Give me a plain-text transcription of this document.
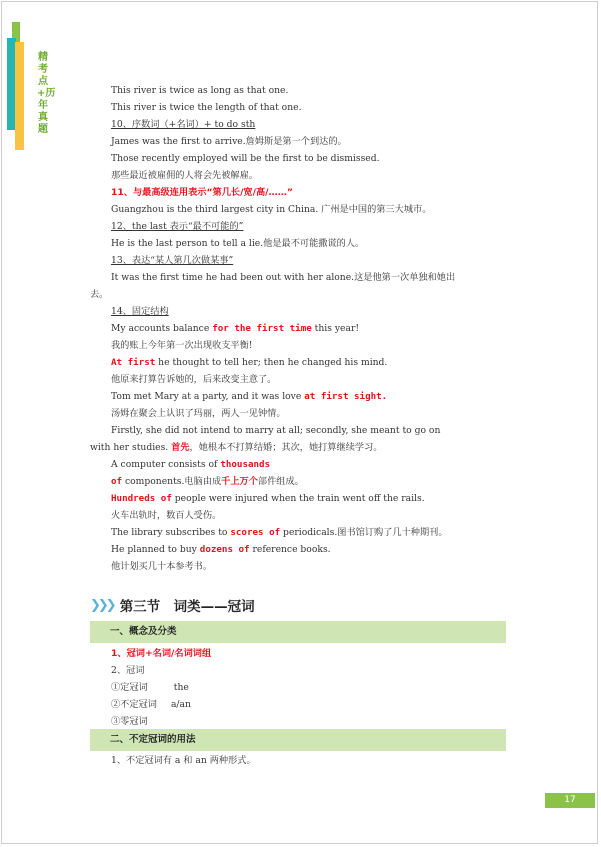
精考点+历年真题
This river is twice as long as that one.
This river is twice the length of that one.
10、序数词（+名词）+ to do sth
James was the first to arrive.詹姆斯是第一个到达的。
Those recently employed will be the first to be dismissed.
那些最近被雇佣的人将会先被解雇。
11、与最高级连用表示“第几长/宽/高/……”
Guangzhou is the third largest city in China. 广州是中国的第三大城市。
12、the last 表示“最不可能的”
He is the last person to tell a lie.他是最不可能撒谎的人。
13、表达“某人第几次做某事”
It was the first time he had been out with her alone.这是他第一次单独和她出
去。
14、固定结构
My accounts balance for the first time this year!
我的账上今年第一次出现收支平衡!
At first he thought to tell her; then he changed his mind.
他原来打算告诉她的，后来改变主意了。
Tom met Mary at a party, and it was love at first sight.
汤姆在聚会上认识了玛丽，两人一见钟情。
Firstly, she did not intend to marry at all; secondly, she meant to go on
with her studies. 首先，她根本不打算结婚；其次，她打算继续学习。
A computer consists of thousands
of components.电脑由成千上万个部件组成。
Hundreds of people were injured when the train went off the rails.
火车出轨时，数百人受伤。
The library subscribes to scores of periodicals.图书馆订购了几十种期刊。
He planned to buy dozens of reference books.
他计划买几十本参考书。
❯❯❯ 第三节　词类——冠词
一、概念及分类
1、冠词+名词/名词词组
2、冠词
①定冠词	the
②不定冠词 a/an
③零冠词
二、不定冠词的用法
1、不定冠词有 a 和 an 两种形式。
17
